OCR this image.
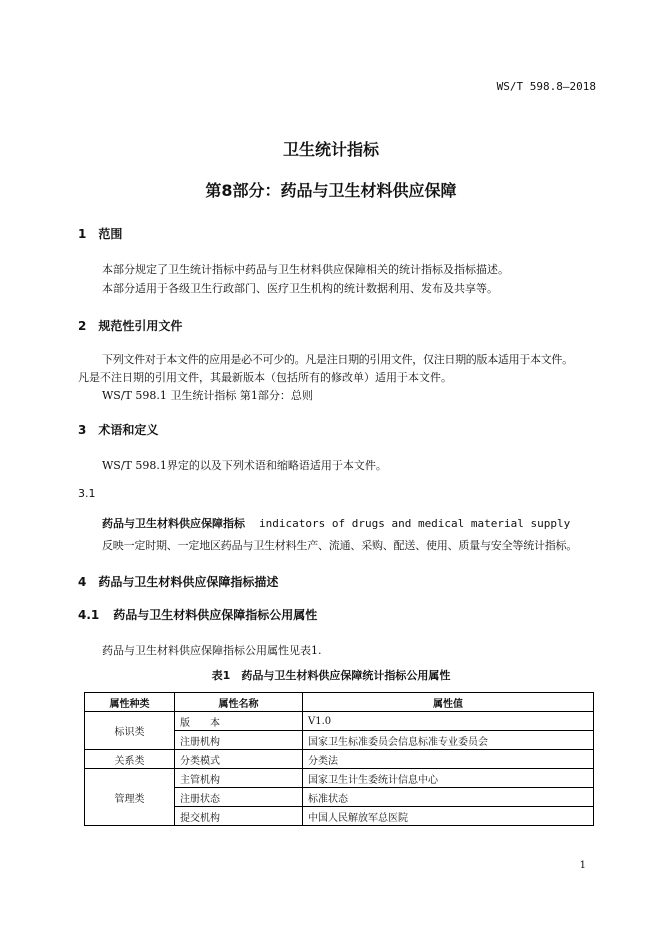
WS/T 598.8—2018
卫生统计指标
第8部分：药品与卫生材料供应保障
1 范围
本部分规定了卫生统计指标中药品与卫生材料供应保障相关的统计指标及指标描述。
本部分适用于各级卫生行政部门、医疗卫生机构的统计数据利用、发布及共享等。
2 规范性引用文件
下列文件对于本文件的应用是必不可少的。凡是注日期的引用文件，仅注日期的版本适用于本文件。
凡是不注日期的引用文件，其最新版本（包括所有的修改单）适用于本文件。
WS/T 598.1 卫生统计指标 第1部分：总则
3 术语和定义
WS/T 598.1界定的以及下列术语和缩略语适用于本文件。
3.1
药品与卫生材料供应保障指标 indicators of drugs and medical material supply
反映一定时期、一定地区药品与卫生材料生产、流通、采购、配送、使用、质量与安全等统计指标。
4 药品与卫生材料供应保障指标描述
4.1 药品与卫生材料供应保障指标公用属性
药品与卫生材料供应保障指标公用属性见表1.
表1　药品与卫生材料供应保障统计指标公用属性
属性种类	属性名称	属性值
标识类	版　　本	V1.0
	注册机构	国家卫生标准委员会信息标准专业委员会
关系类	分类模式	分类法
管理类	主管机构	国家卫生计生委统计信息中心
	注册状态	标准状态
	提交机构	中国人民解放军总医院
1
